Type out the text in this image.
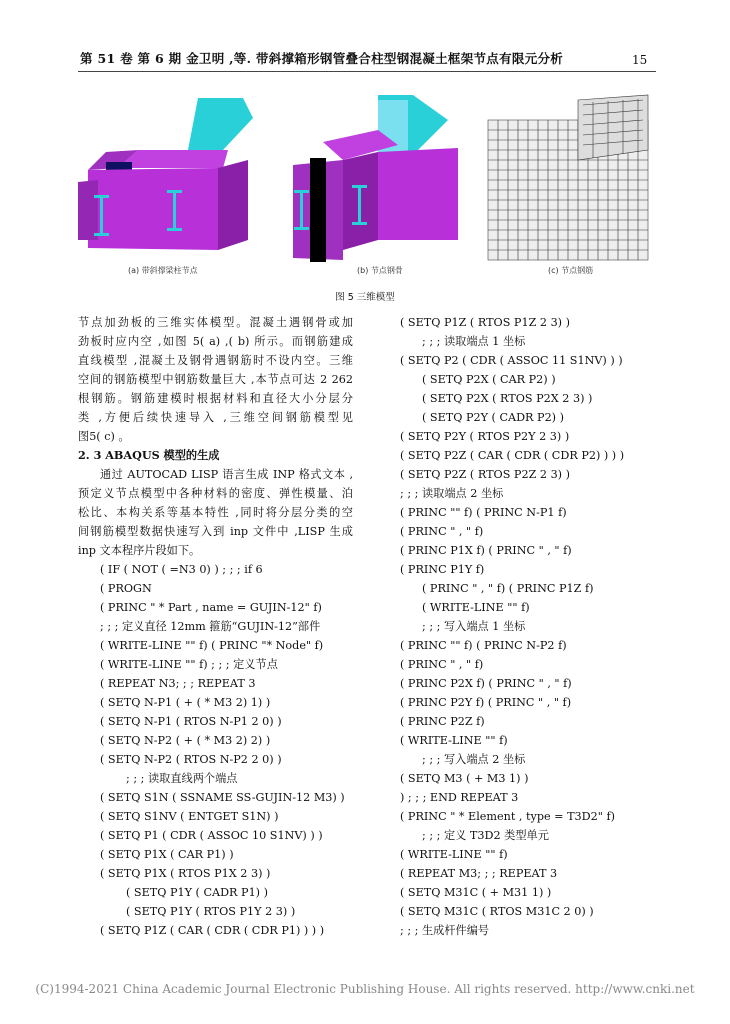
第 51 卷 第 6 期 金卫明 ,等. 带斜撑箱形钢管叠合柱型钢混凝土框架节点有限元分析	15
(a) 带斜撑梁柱节点	(b) 节点钢骨	(c) 节点钢筋
图 5 三维模型
节点加劲板的三维实体模型。混凝土遇钢骨或加
劲板时应内空 ,如图 5( a) ,( b) 所示。而钢筋建成
直线模型 ,混凝土及钢骨遇钢筋时不设内空。三维
空间的钢筋模型中钢筋数量巨大 ,本节点可达 2 262
根钢筋。钢筋建模时根据材料和直径大小分层分
类 ,方便后续快速导入 ,三维空间钢筋模型见
图5( c) 。
2. 3 ABAQUS 模型的生成
通过 AUTOCAD LISP 语言生成 INP 格式文本 ,
预定义节点模型中各种材料的密度、弹性模量、泊
松比、本构关系等基本特性 ,同时将分层分类的空
间钢筋模型数据快速写入到 inp 文件中 ,LISP 生成
inp 文本程序片段如下。
( IF ( NOT ( =N3 0) ) ; ; ; if 6
( PROGN
( PRINC " * Part , name = GUJIN-12" f)
; ; ; 定义直径 12mm 箍筋“GUJIN-12”部件
( WRITE-LINE "" f) ( PRINC "* Node" f)
( WRITE-LINE "" f) ; ; ; 定义节点
( REPEAT N3; ; ; REPEAT 3
( SETQ N-P1 ( + ( * M3 2) 1) )
( SETQ N-P1 ( RTOS N-P1 2 0) )
( SETQ N-P2 ( + ( * M3 2) 2) )
( SETQ N-P2 ( RTOS N-P2 2 0) )
; ; ; 读取直线两个端点
( SETQ S1N ( SSNAME SS-GUJIN-12 M3) )
( SETQ S1NV ( ENTGET S1N) )
( SETQ P1 ( CDR ( ASSOC 10 S1NV) ) )
( SETQ P1X ( CAR P1) )
( SETQ P1X ( RTOS P1X 2 3) )
( SETQ P1Y ( CADR P1) )
( SETQ P1Y ( RTOS P1Y 2 3) )
( SETQ P1Z ( CAR ( CDR ( CDR P1) ) ) )
( SETQ P1Z ( RTOS P1Z 2 3) )
; ; ; 读取端点 1 坐标
( SETQ P2 ( CDR ( ASSOC 11 S1NV) ) )
( SETQ P2X ( CAR P2) )
( SETQ P2X ( RTOS P2X 2 3) )
( SETQ P2Y ( CADR P2) )
( SETQ P2Y ( RTOS P2Y 2 3) )
( SETQ P2Z ( CAR ( CDR ( CDR P2) ) ) )
( SETQ P2Z ( RTOS P2Z 2 3) )
; ; ; 读取端点 2 坐标
( PRINC "" f) ( PRINC N-P1 f)
( PRINC " , " f)
( PRINC P1X f) ( PRINC " , " f)
( PRINC P1Y f)
( PRINC " , " f) ( PRINC P1Z f)
( WRITE-LINE "" f)
; ; ; 写入端点 1 坐标
( PRINC "" f) ( PRINC N-P2 f)
( PRINC " , " f)
( PRINC P2X f) ( PRINC " , " f)
( PRINC P2Y f) ( PRINC " , " f)
( PRINC P2Z f)
( WRITE-LINE "" f)
; ; ; 写入端点 2 坐标
( SETQ M3 ( + M3 1) )
) ; ; ; END REPEAT 3
( PRINC " * Element , type = T3D2" f)
; ; ; 定义 T3D2 类型单元
( WRITE-LINE "" f)
( REPEAT M3; ; ; REPEAT 3
( SETQ M31C ( + M31 1) )
( SETQ M31C ( RTOS M31C 2 0) )
; ; ; 生成杆件编号
(C)1994-2021 China Academic Journal Electronic Publishing House. All rights reserved. http://www.cnki.net
